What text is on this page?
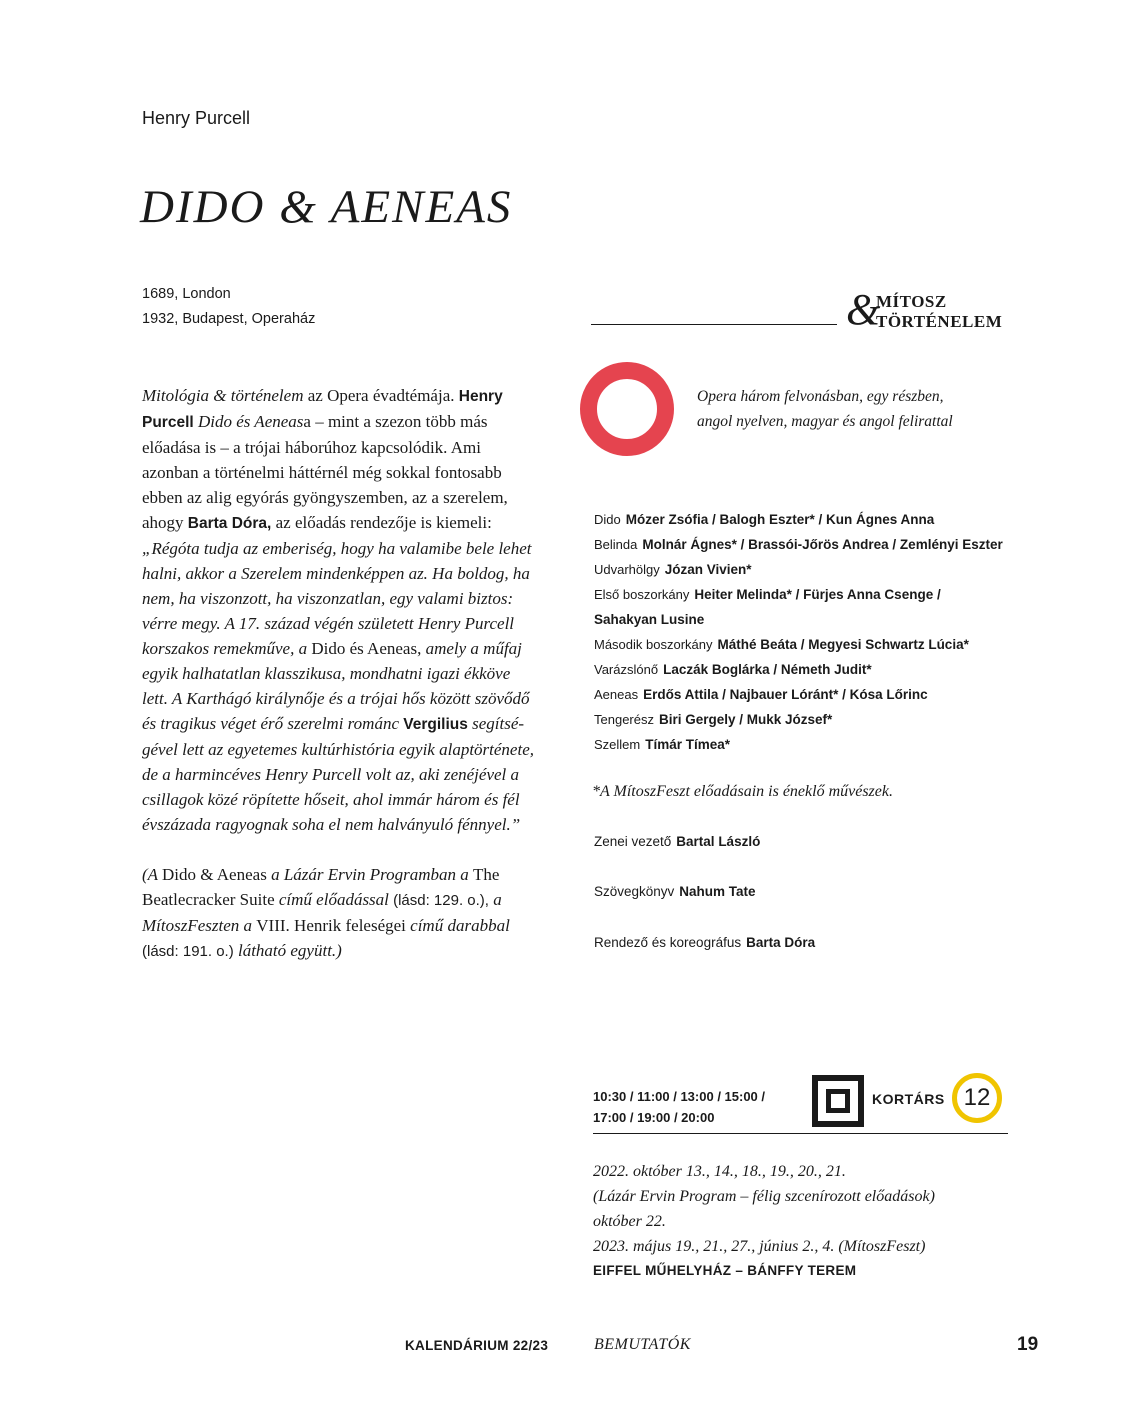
Henry Purcell
DIDO & AENEAS
1689, London
1932, Budapest, Operaház	&
MÍTOSZ
TÖRTÉNELEM
Opera három felvonásban, egy részben,
angol nyelven, magyar és angol felirattal

Mitológia & történelem az Opera évadtémája. Henry

Purcell Dido és Aeneasa – mint a szezon több más

előadása is – a trójai háborúhoz kapcsolódik. Ami

azonban a történelmi háttérnél még sokkal fontosabb

ebben az alig egyórás gyöngyszemben, az a szerelem,

ahogy Barta Dóra, az előadás rendezője is kiemeli:

„Régóta tudja az emberiség, hogy ha valamibe bele lehet

halni, akkor a Szerelem mindenképpen az. Ha boldog, ha

nem, ha viszonzott, ha viszonzatlan, egy valami biztos:

vérre megy. A 17. század végén született Henry Purcell

korszakos remekműve, a Dido és Aeneas, amely a műfaj

egyik halhatatlan klasszikusa, mondhatni igazi ékköve

lett. A Karthágó királynője és a trójai hős között szövődő

és tragikus véget érő szerelmi románc Vergilius segítsé-

gével lett az egyetemes kultúrhistória egyik alaptörténete,

de a harmincéves Henry Purcell volt az, aki zenéjével a

csillagok közé röpítette hőseit, ahol immár három és fél

évszázada ragyognak soha el nem halványuló fénnyel.”

(A Dido & Aeneas a Lázár Ervin Programban a The

Beatlecracker Suite című előadással (lásd: 129. o.), a

MítoszFeszten a VIII. Henrik feleségei című darabbal

(lásd: 191. o.) látható együtt.)

Dido Mózer Zsófia / Balogh Eszter* / Kun Ágnes Anna
Belinda Molnár Ágnes* / Brassói-Jőrös Andrea / Zemlényi Eszter
Udvarhölgy Józan Vivien*
Első boszorkány Heiter Melinda* / Fürjes Anna Csenge /
Sahakyan Lusine
Második boszorkány Máthé Beáta / Megyesi Schwartz Lúcia*
Varázslónő Laczák Boglárka / Németh Judit*
Aeneas Erdős Attila / Najbauer Lóránt* / Kósa Lőrinc
Tengerész Biri Gergely / Mukk József*
Szellem Tímár Tímea*
*A MítoszFeszt előadásain is éneklő művészek.
Zenei vezető Bartal László
Szövegkönyv Nahum Tate
Rendező és koreográfus Barta Dóra
10:30 / 11:00 / 13:00 / 15:00 /
17:00 / 19:00 / 20:00
KORTÁRS 12
2022. október 13., 14., 18., 19., 20., 21.
(Lázár Ervin Program – félig szcenírozott előadások)
október 22.
2023. május 19., 21., 27., június 2., 4. (MítoszFeszt)
EIFFEL MŰHELYHÁZ – BÁNFFY TEREM
KALENDÁRIUM 22/23	BEMUTATÓK	19
